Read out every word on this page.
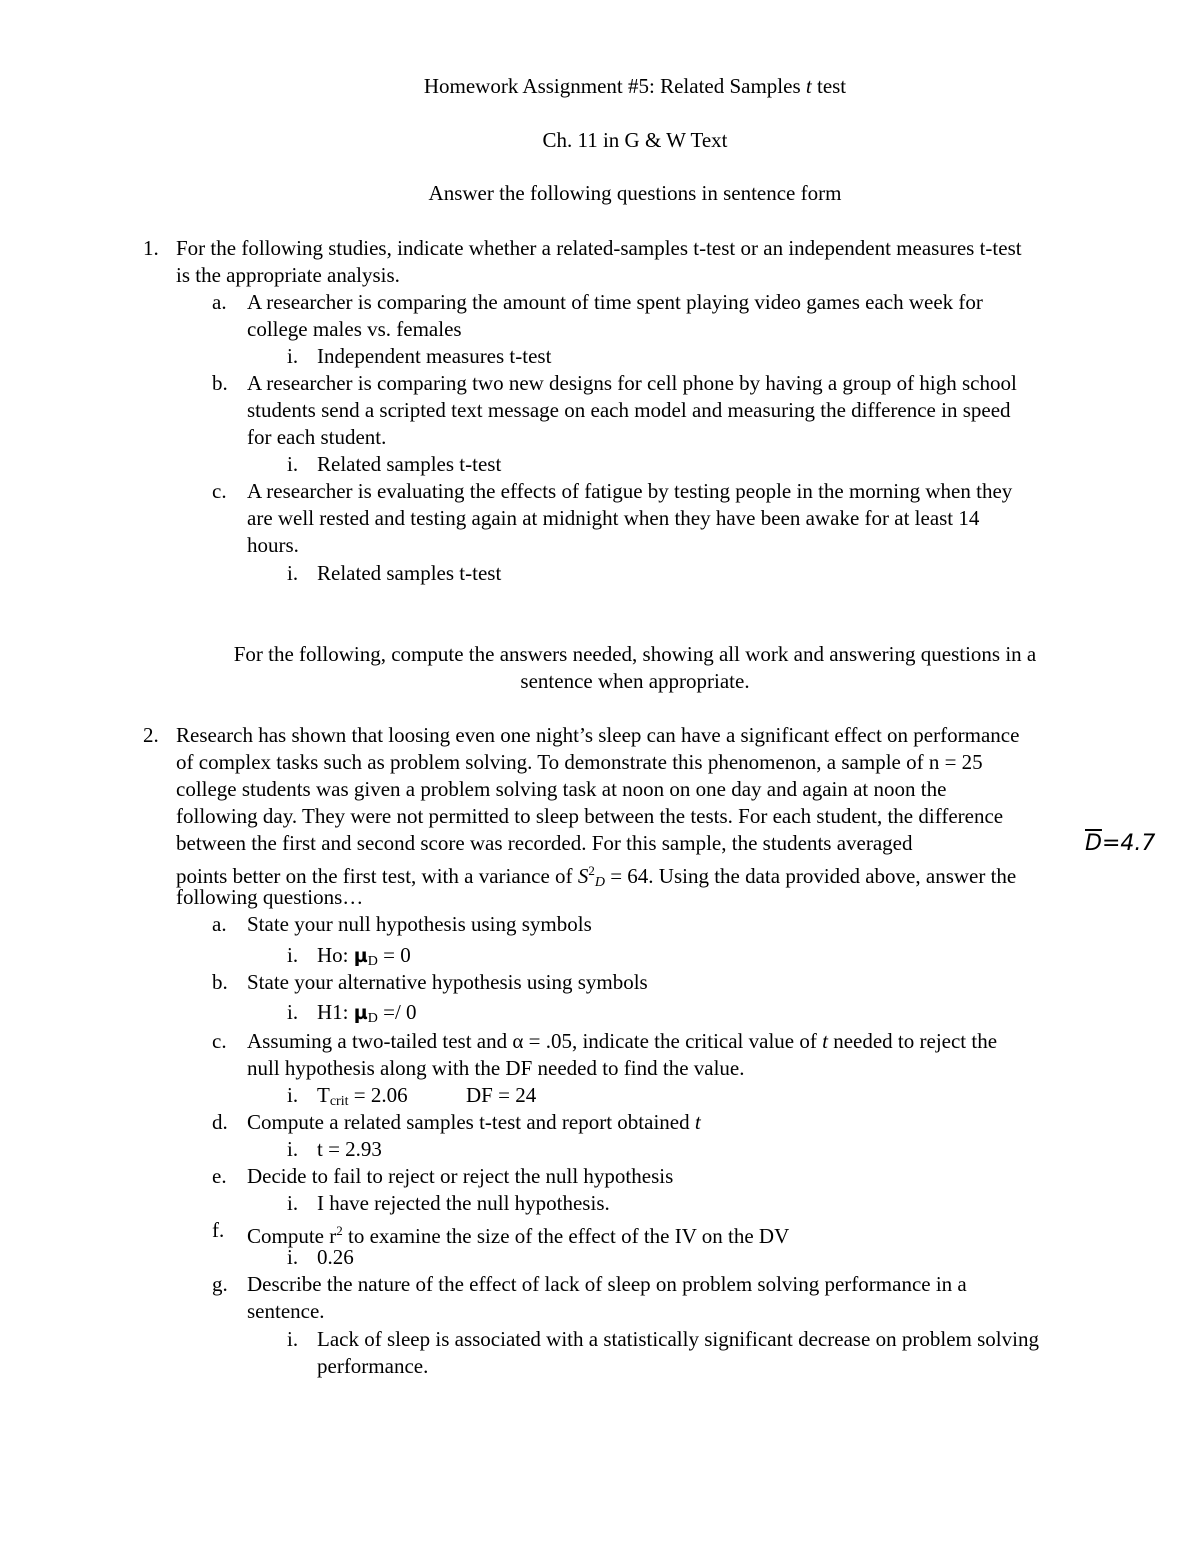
Homework Assignment #5: Related Samples t test
Ch. 11 in G & W Text
Answer the following questions in sentence form
1. For the following studies, indicate whether a related-samples t-test or an independent measures t-test
is the appropriate analysis.
a. A researcher is comparing the amount of time spent playing video games each week for
college males vs. females
i. Independent measures t-test
b. A researcher is comparing two new designs for cell phone by having a group of high school
students send a scripted text message on each model and measuring the difference in speed
for each student.
i. Related samples t-test
c. A researcher is evaluating the effects of fatigue by testing people in the morning when they
are well rested and testing again at midnight when they have been awake for at least 14
hours.
i. Related samples t-test
For the following, compute the answers needed, showing all work and answering questions in a
sentence when appropriate.
2. Research has shown that loosing even one night’s sleep can have a significant effect on performance
of complex tasks such as problem solving. To demonstrate this phenomenon, a sample of n = 25
college students was given a problem solving task at noon on one day and again at noon the
following day. They were not permitted to sleep between the tests. For each student, the difference
between the first and second score was recorded. For this sample, the students averaged	$\overline{D}=4.7$
points better on the first test, with a variance of $S^2_D = 64$. Using the data provided above, answer the
following questions…
a. State your null hypothesis using symbols
i. Ho: µ$_D$ = 0
b. State your alternative hypothesis using symbols
i. H1: µ$_D$ =/ 0
c. Assuming a two-tailed test and α = .05, indicate the critical value of t needed to reject the
null hypothesis along with the DF needed to find the value.
i. $T_{crit} = 2.06$	DF = 24
d. Compute a related samples t-test and report obtained t
i. t = 2.93
e. Decide to fail to reject or reject the null hypothesis
i. I have rejected the null hypothesis.
f. Compute $r^2$ to examine the size of the effect of the IV on the DV
i. 0.26
g. Describe the nature of the effect of lack of sleep on problem solving performance in a
sentence.
i. Lack of sleep is associated with a statistically significant decrease on problem solving
performance.
